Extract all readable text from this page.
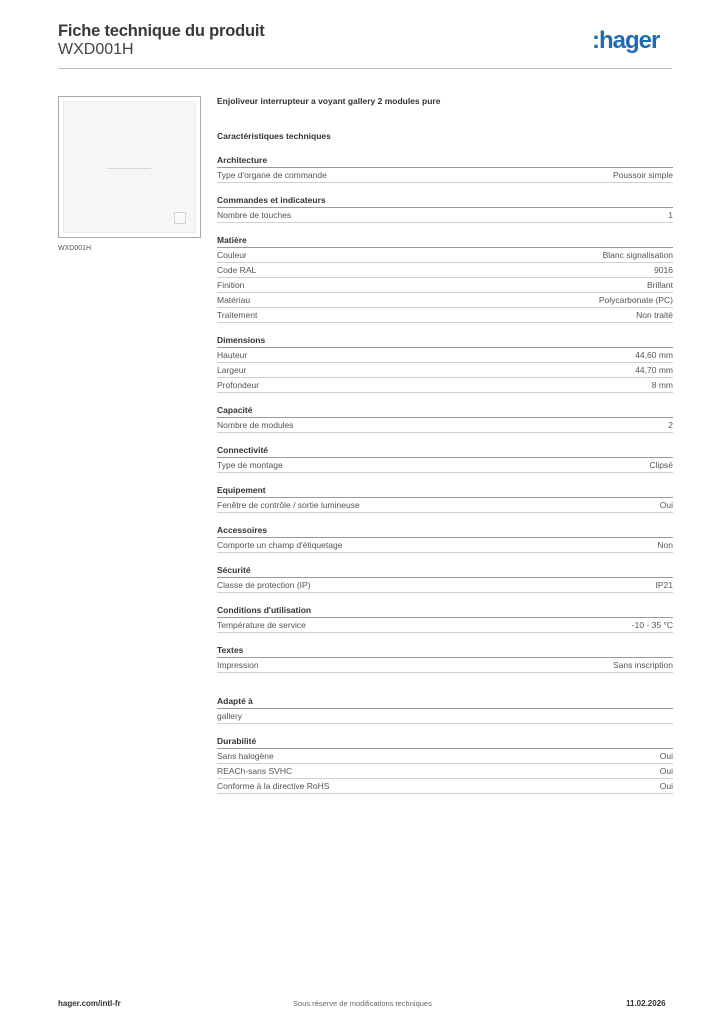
Fiche technique du produit
WXD001H	:hager
WXD001H
Enjoliveur interrupteur a voyant gallery 2 modules pure
Caractéristiques techniques
Architecture
Type d'organe de commande	Poussoir simple
Commandes et indicateurs
Nombre de touches	1
Matière
Couleur	Blanc signalisation
Code RAL	9016
Finition	Brillant
Matériau	Polycarbonate (PC)
Traitement	Non traité
Dimensions
Hauteur	44,60 mm
Largeur	44,70 mm
Profondeur	8 mm
Capacité
Nombre de modules	2
Connectivité
Type de montage	Clipsé
Equipement
Fenêtre de contrôle / sortie lumineuse	Oui
Accessoires
Comporte un champ d'étiquetage	Non
Sécurité
Classe de protection (IP)	IP21
Conditions d'utilisation
Température de service	-10 - 35 °C
Textes
Impression	Sans inscription
Adapté à
gallery
Durabilité
Sans halogène	Oui
REACh-sans SVHC	Oui
Conforme à la directive RoHS	Oui
hager.com/intl-fr	Sous réserve de modifications techniques	11.02.2026
